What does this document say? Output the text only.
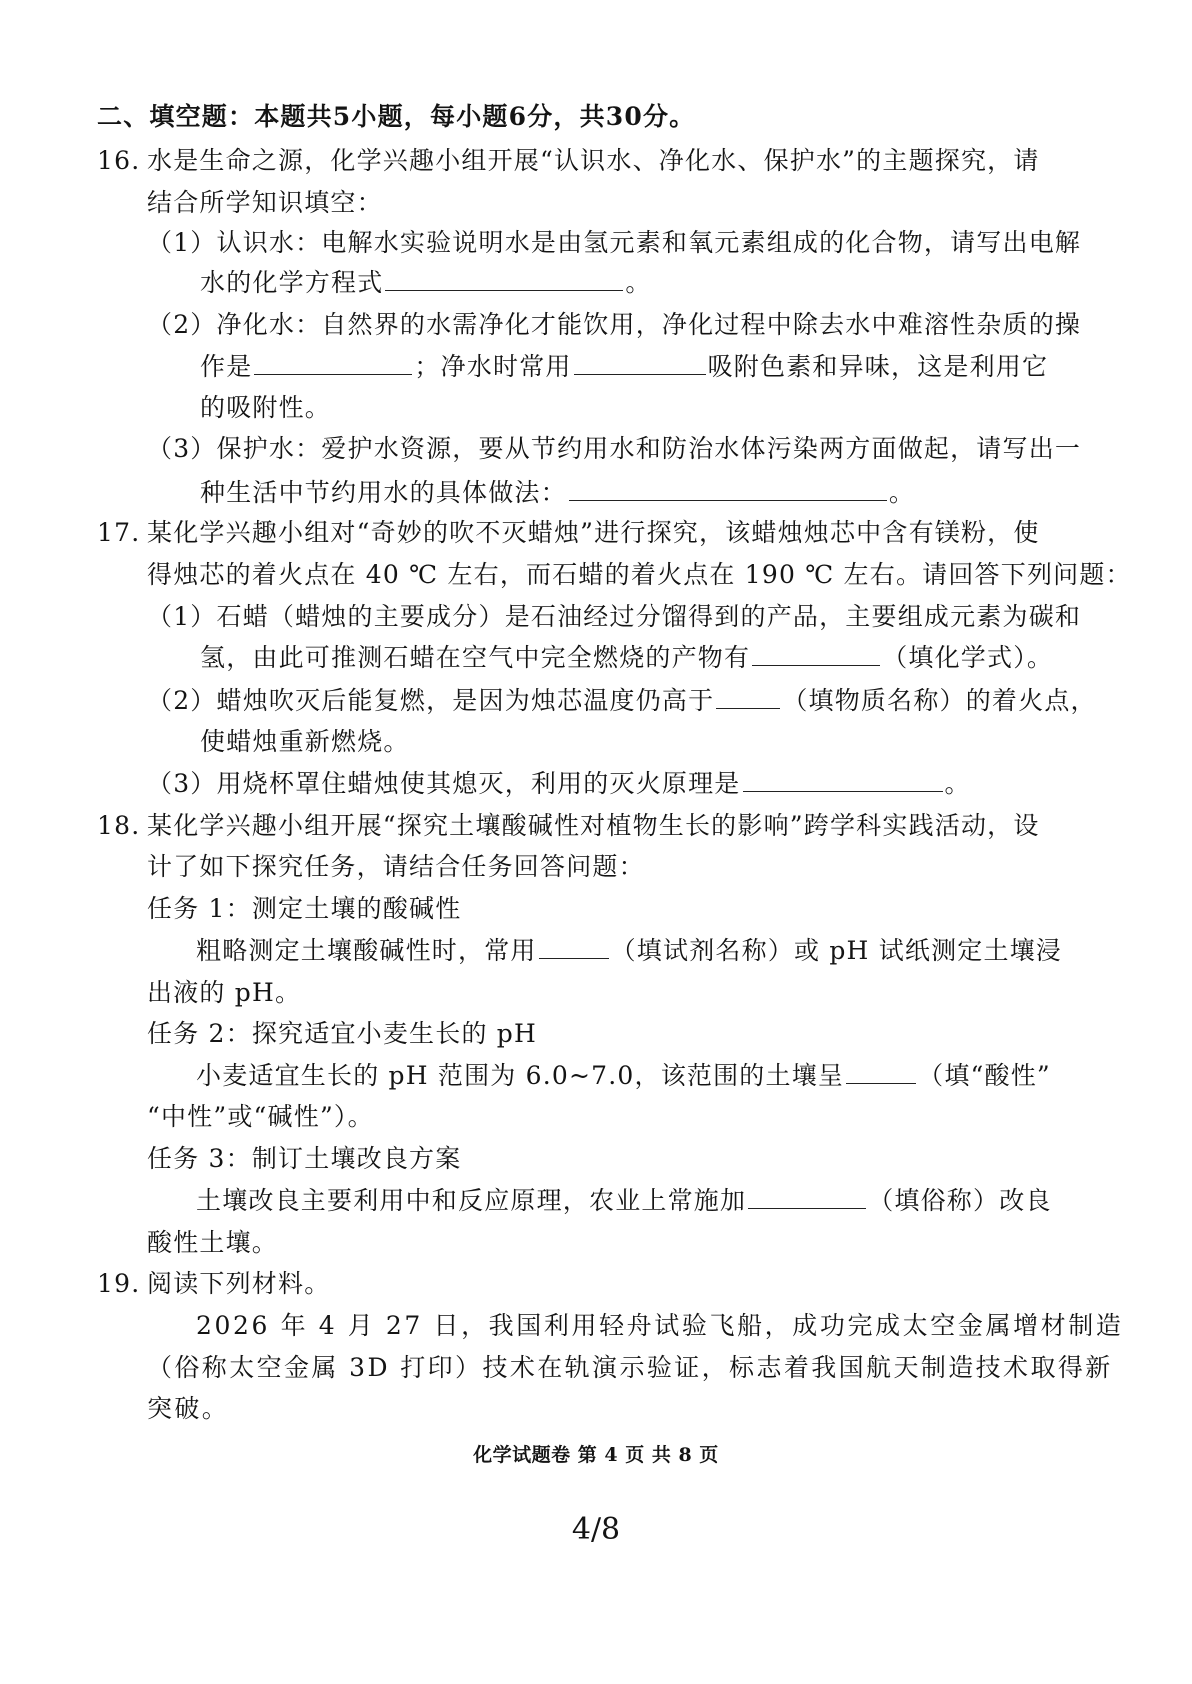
二、填空题：本题共5小题，每小题6分，共30分。
16. 水是生命之源，化学兴趣小组开展“认识水、净化水、保护水”的主题探究，请
结合所学知识填空：
（1）认识水：电解水实验说明水是由氢元素和氧元素组成的化合物，请写出电解
水的化学方程式	。
（2）净化水：自然界的水需净化才能饮用，净化过程中除去水中难溶性杂质的操
作是	；净水时常用	吸附色素和异味，这是利用它
的吸附性。
（3）保护水：爱护水资源，要从节约用水和防治水体污染两方面做起，请写出一
种生活中节约用水的具体做法：	。
17. 某化学兴趣小组对“奇妙的吹不灭蜡烛”进行探究，该蜡烛烛芯中含有镁粉，使
得烛芯的着火点在 40 ℃ 左右，而石蜡的着火点在 190 ℃ 左右。请回答下列问题：
（1）石蜡（蜡烛的主要成分）是石油经过分馏得到的产品，主要组成元素为碳和
氢，由此可推测石蜡在空气中完全燃烧的产物有	（填化学式）。
（2）蜡烛吹灭后能复燃，是因为烛芯温度仍高于	（填物质名称）的着火点，
使蜡烛重新燃烧。
（3）用烧杯罩住蜡烛使其熄灭，利用的灭火原理是	。
18. 某化学兴趣小组开展“探究土壤酸碱性对植物生长的影响”跨学科实践活动，设
计了如下探究任务，请结合任务回答问题：
任务 1：测定土壤的酸碱性
粗略测定土壤酸碱性时，常用	（填试剂名称）或 pH 试纸测定土壤浸
出液的 pH。
任务 2：探究适宜小麦生长的 pH
小麦适宜生长的 pH 范围为 6.0~7.0，该范围的土壤呈	（填“酸性”
“中性”或“碱性”）。
任务 3：制订土壤改良方案
土壤改良主要利用中和反应原理，农业上常施加	（填俗称）改良
酸性土壤。
19. 阅读下列材料。
2026 年 4 月 27 日，我国利用轻舟试验飞船，成功完成太空金属增材制造
（俗称太空金属 3D 打印）技术在轨演示验证，标志着我国航天制造技术取得新
突破。
化学试题卷 第 4 页 共 8 页
4/8
